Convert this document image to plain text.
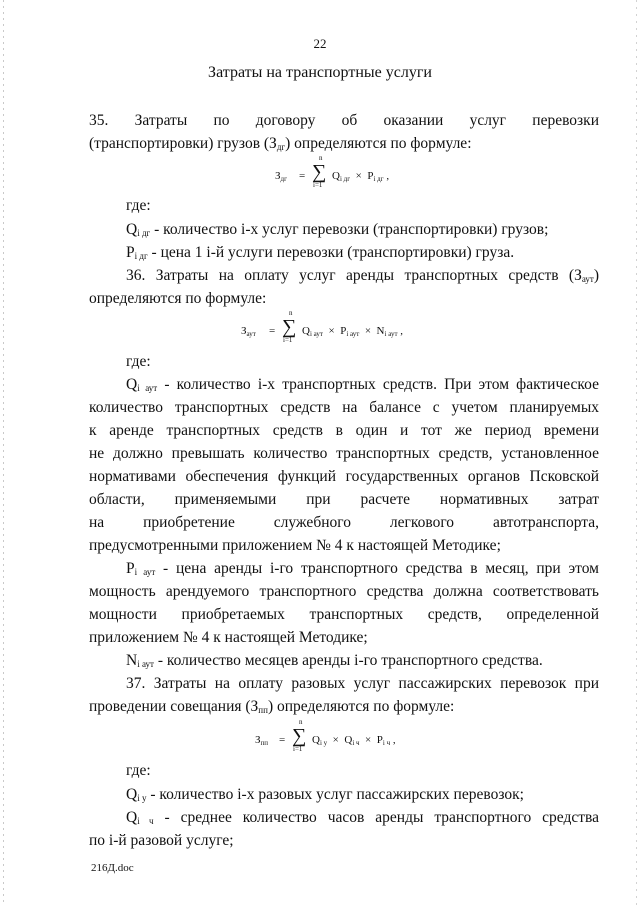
22
Затраты на транспортные услуги
35. Затраты по договору об оказании услуг перевозки
(транспортировки) грузов $(З_{дг})$ определяются по формуле:
Здг =
n
∑
i=1
Qi дг × Pi дг ,
где:
$Q_{i дг}$ - количество i-х услуг перевозки (транспортировки) грузов;
$P_{i дг}$ - цена 1 i-й услуги перевозки (транспортировки) груза.
36. Затраты на оплату услуг аренды транспортных средств $(З_{аут})$
определяются по формуле:
Заут =
n
∑
i=1
Qi аут × Pi аут × Ni аут ,
где:
$Q_{i аут}$ - количество i-х транспортных средств. При этом фактическое
количество транспортных средств на балансе с учетом планируемых
к аренде транспортных средств в один и тот же период времени
не должно превышать количество транспортных средств, установленное
нормативами обеспечения функций государственных органов Псковской
области, применяемыми при расчете нормативных затрат
на приобретение служебного легкового автотранспорта,
предусмотренными приложением № 4 к настоящей Методике;
$P_{i аут}$ - цена аренды i-го транспортного средства в месяц, при этом
мощность арендуемого транспортного средства должна соответствовать
мощности приобретаемых транспортных средств, определенной
приложением № 4 к настоящей Методике;
$N_{i аут}$ - количество месяцев аренды i-го транспортного средства.
37. Затраты на оплату разовых услуг пассажирских перевозок при
проведении совещания $(З_{пп})$ определяются по формуле:
Зпп =
n
∑
i=1
Qi у × Qi ч × Pi ч ,
где:
$Q_{i у}$ - количество i-х разовых услуг пассажирских перевозок;
$Q_{i ч}$ - среднее количество часов аренды транспортного средства
по i-й разовой услуге;
216Д.doc
